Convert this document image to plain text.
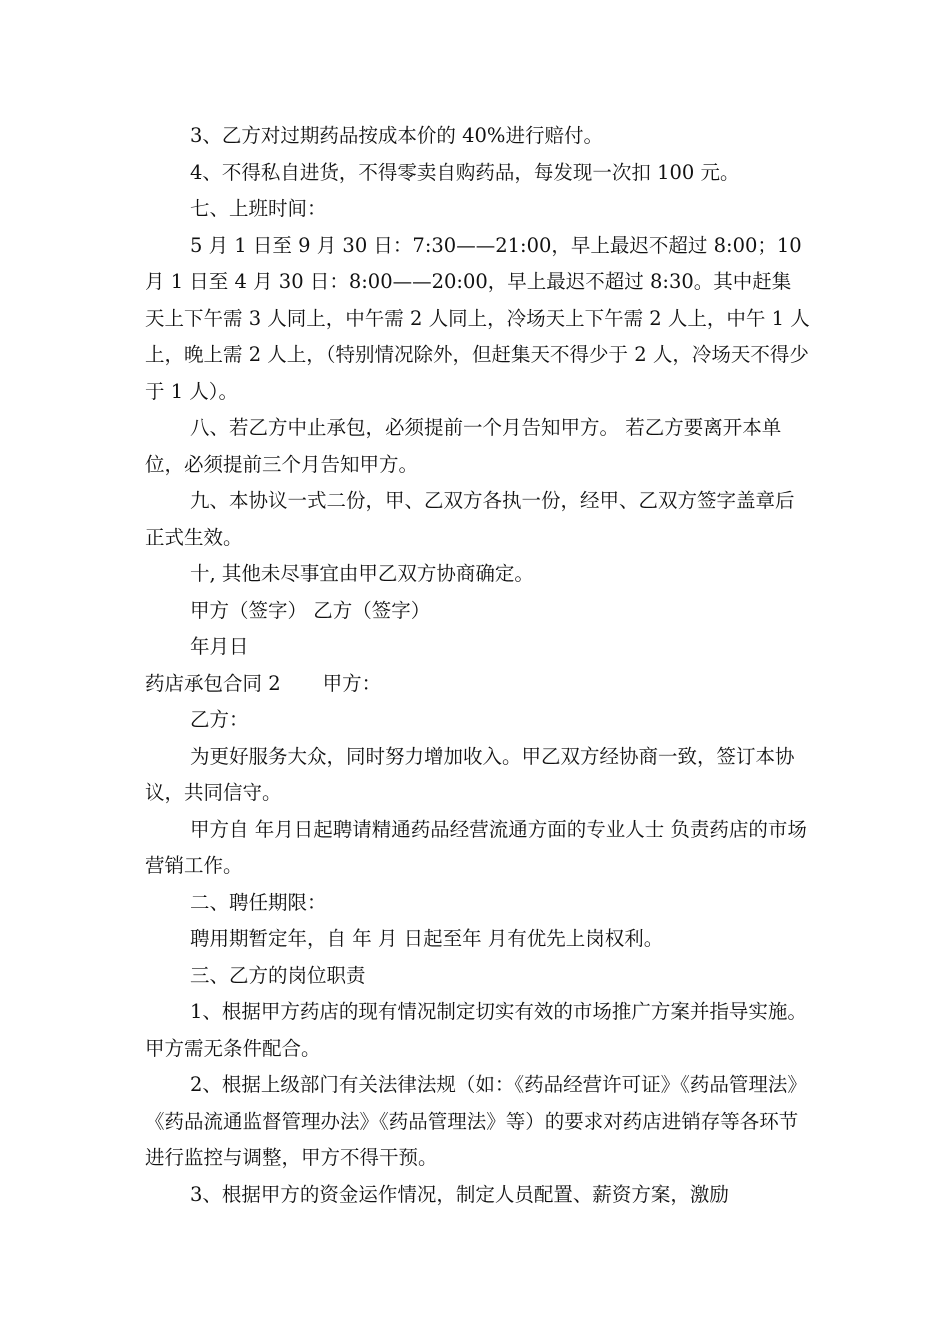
3、乙方对过期药品按成本价的 40%进行赔付。

4、不得私自进货，不得零卖自购药品，每发现一次扣 100 元。

七、上班时间：

5 月 1 日至 9 月 30 日：7:30——21:00，早上最迟不超过 8:00；10 月 1 日至 4 月 30 日：8:00——20:00，早上最迟不超过 8:30。其中赶集天上下午需 3 人同上，中午需 2 人同上，冷场天上下午需 2 人上，中午 1 人上，晚上需 2 人上，（特别情况除外，但赶集天不得少于 2 人，冷场天不得少于 1 人）。

八、若乙方中止承包，必须提前一个月告知甲方。 若乙方要离开本单位，必须提前三个月告知甲方。

九、本协议一式二份，甲、乙双方各执一份，经甲、乙双方签字盖章后正式生效。

十, 其他未尽事宜由甲乙双方协商确定。

甲方（签字） 乙方（签字）

年月日

药店承包合同 2 甲方：

乙方：

为更好服务大众，同时努力增加收入。甲乙双方经协商一致，签订本协议，共同信守。

甲方自 年月日起聘请精通药品经营流通方面的专业人士 负责药店的市场营销工作。

二、聘任期限：

聘用期暂定年，自 年 月 日起至年 月有优先上岗权利。

三、乙方的岗位职责

1、根据甲方药店的现有情况制定切实有效的市场推广方案并指导实施。甲方需无条件配合。

2、根据上级部门有关法律法规（如：《药品经营许可证》《药品管理法》《药品流通监督管理办法》《药品管理法》等）的要求对药店进销存等各环节进行监控与调整，甲方不得干预。

3、根据甲方的资金运作情况，制定人员配置、薪资方案，激励
